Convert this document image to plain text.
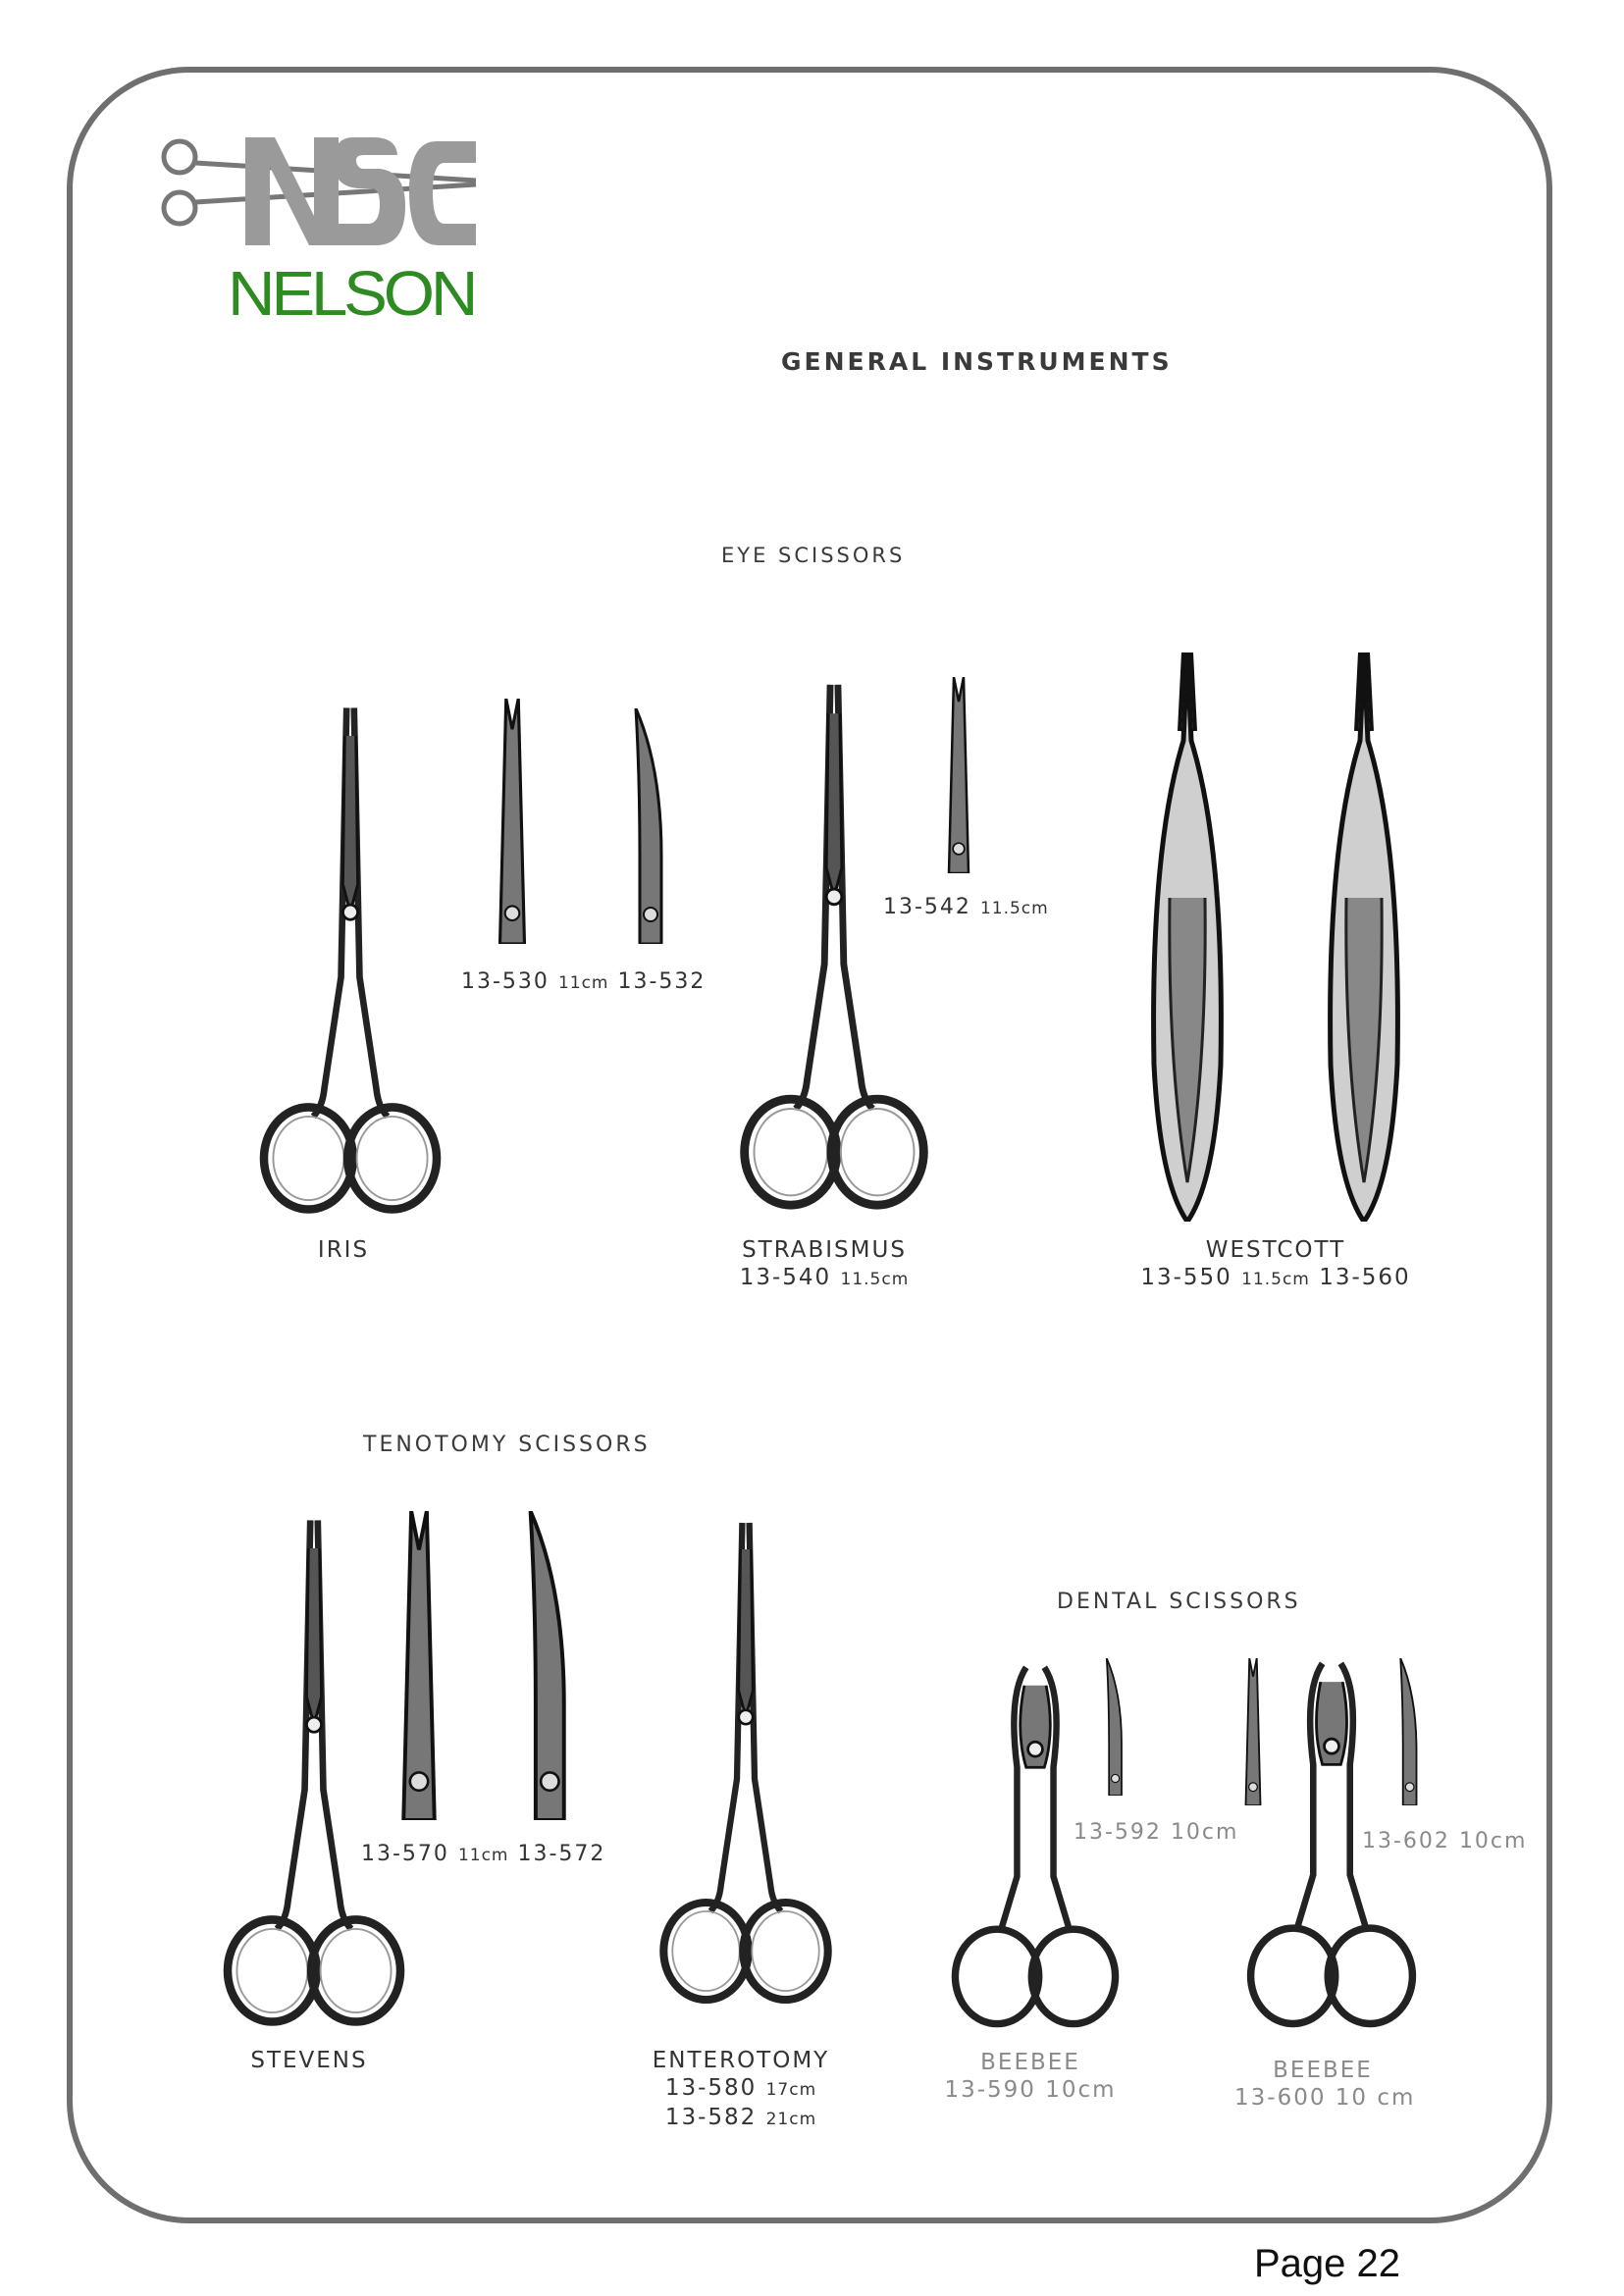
NELSON
GENERAL INSTRUMENTS
EYE SCISSORS
13-530 11cm 13-532
13-542 11.5cm
IRIS	STRABISMUS
13-540 11.5cm
WESTCOTT
13-550 11.5cm 13-560
TENOTOMY SCISSORS
13-570 11cm 13-572
STEVENS	ENTEROTOMY
13-580 17cm
13-582 21cm
DENTAL SCISSORS
13-592 10cm	13-602 10cm
BEEBEE
13-590 10cm
BEEBEE
13-600 10 cm
Page 22
